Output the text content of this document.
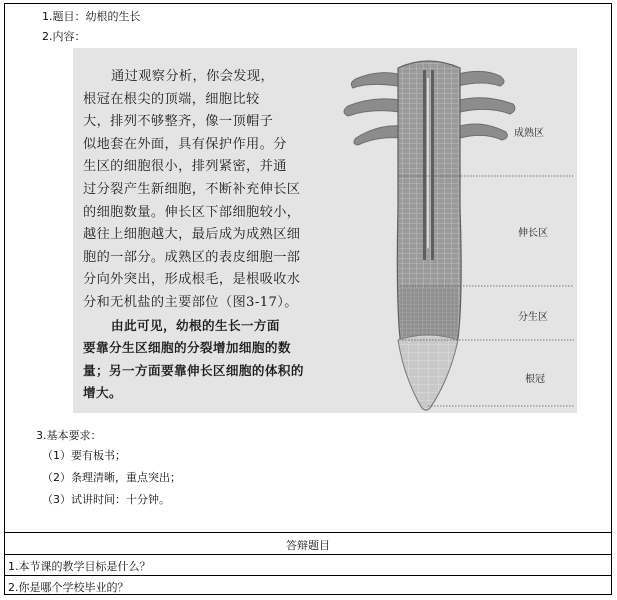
1.题目：幼根的生长
2.内容：

通过观察分析，你会发现，

根冠在根尖的顶端，细胞比较

大，排列不够整齐，像一顶帽子

似地套在外面，具有保护作用。分

生区的细胞很小，排列紧密，并通

过分裂产生新细胞，不断补充伸长区

的细胞数量。伸长区下部细胞较小，

越往上细胞越大，最后成为成熟区细

胞的一部分。成熟区的表皮细胞一部

分向外突出，形成根毛，是根吸收水

分和无机盐的主要部位（图3-17）。

由此可见，幼根的生长一方面

要靠分生区细胞的分裂增加细胞的数

量；另一方面要靠伸长区细胞的体积的

增大。

成熟区
伸长区
分生区
根冠
3.基本要求：
（1）要有板书；
（2）条理清晰，重点突出；
（3）试讲时间：十分钟。
答辩题目
1.本节课的教学目标是什么？
2.你是哪个学校毕业的？
